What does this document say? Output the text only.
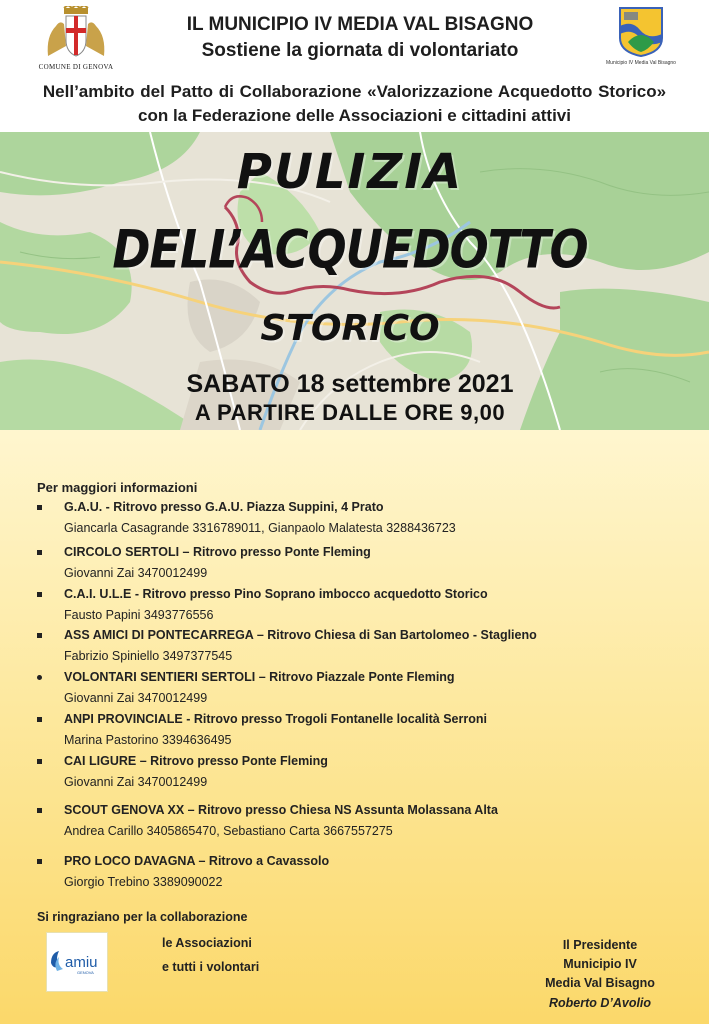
COMUNE DI GENOVA
IL MUNICIPIO IV MEDIA VAL BISAGNO
Sostiene la giornata di volontariato
Municipio IV Media Val Bisagno
Nell’ambito del Patto di Collaborazione «Valorizzazione Acquedotto Storico»
con la Federazione delle Associazioni e cittadini attivi
PULIZIA
DELL’ACQUEDOTTO
STORICO
SABATO 18 settembre 2021
A PARTIRE DALLE ORE 9,00
Per maggiori informazioni
G.A.U. - Ritrovo presso G.A.U. Piazza Suppini, 4 Prato
Giancarla Casagrande 3316789011, Gianpaolo Malatesta 3288436723
CIRCOLO SERTOLI – Ritrovo presso Ponte Fleming
Giovanni Zai 3470012499
C.A.I. U.L.E - Ritrovo presso Pino Soprano imbocco acquedotto Storico
Fausto Papini 3493776556
ASS AMICI DI PONTECARREGA – Ritrovo Chiesa di San Bartolomeo - Staglieno
Fabrizio Spiniello 3497377545
VOLONTARI SENTIERI SERTOLI – Ritrovo Piazzale Ponte Fleming
Giovanni Zai 3470012499
ANPI PROVINCIALE - Ritrovo presso Trogoli Fontanelle località Serroni
Marina Pastorino 3394636495
CAI LIGURE – Ritrovo presso Ponte Fleming
Giovanni Zai 3470012499
SCOUT GENOVA XX – Ritrovo presso Chiesa NS Assunta Molassana Alta
Andrea Carillo 3405865470, Sebastiano Carta 3667557275
PRO LOCO DAVAGNA – Ritrovo a Cavassolo
Giorgio Trebino 3389090022
Si ringraziano per la collaborazione
amiu
GENOVA
le Associazioni
e tutti i volontari
Il Presidente
Municipio IV
Media Val Bisagno
Roberto D’Avolio
